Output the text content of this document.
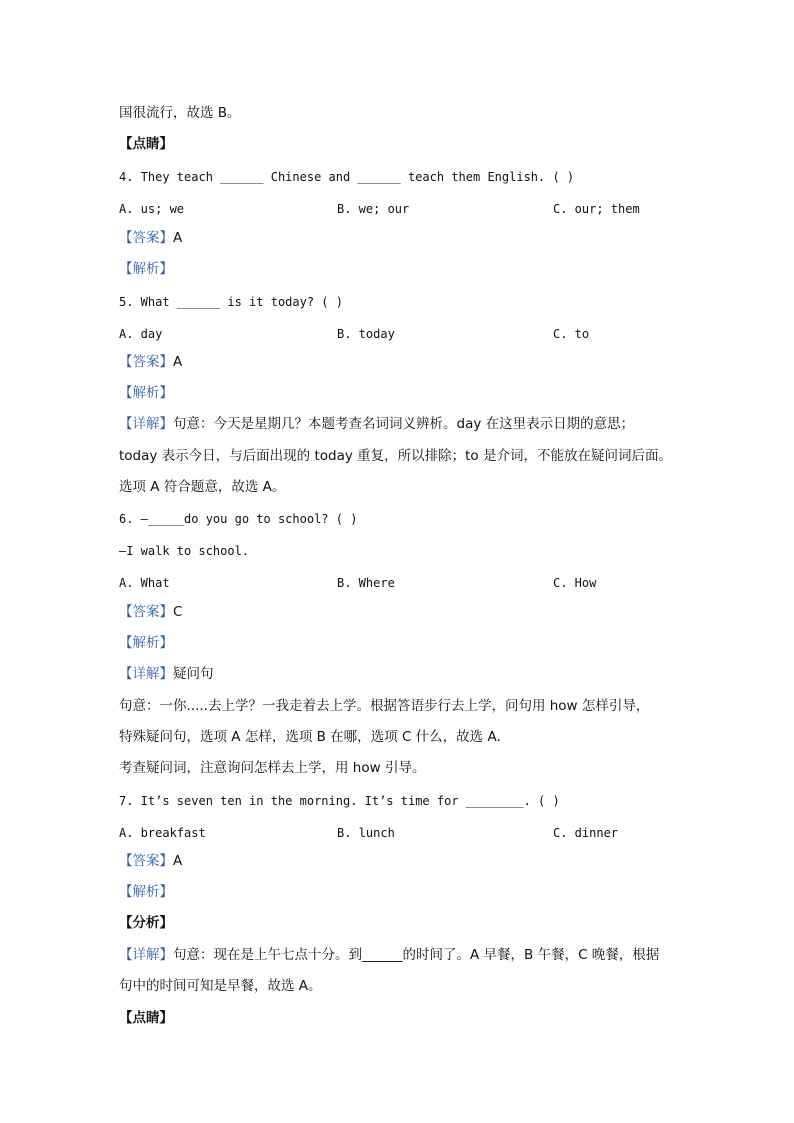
国很流行，故选 B。
【点睛】
4. They teach ______ Chinese and ______ teach them English. ( )
A. us; we	B. we; our	C. our; them
【答案】A
【解析】
5. What ______ is it today? ( )
A. day	B. today	C. to
【答案】A
【解析】
【详解】句意：今天是星期几？本题考查名词词义辨析。day 在这里表示日期的意思；
today 表示今日，与后面出现的 today 重复，所以排除；to 是介词，不能放在疑问词后面。
选项 A 符合题意，故选 A。
6. —_____do you go to school? ( )
—I walk to school.
A. What	B. Where	C. How
【答案】C
【解析】
【详解】疑问句
句意：一你.....去上学？一我走着去上学。根据答语步行去上学，问句用 how 怎样引导，
特殊疑问句，选项 A 怎样，选项 B 在哪，选项 C 什么，故选 A.
考查疑问词，注意询问怎样去上学，用 how 引导。
7. It’s seven ten in the morning. It’s time for ________. ( )
A. breakfast	B. lunch	C. dinner
【答案】A
【解析】
【分析】
【详解】句意：现在是上午七点十分。到______的时间了。A 早餐，B 午餐，C 晚餐，根据
句中的时间可知是早餐，故选 A。
【点睛】
